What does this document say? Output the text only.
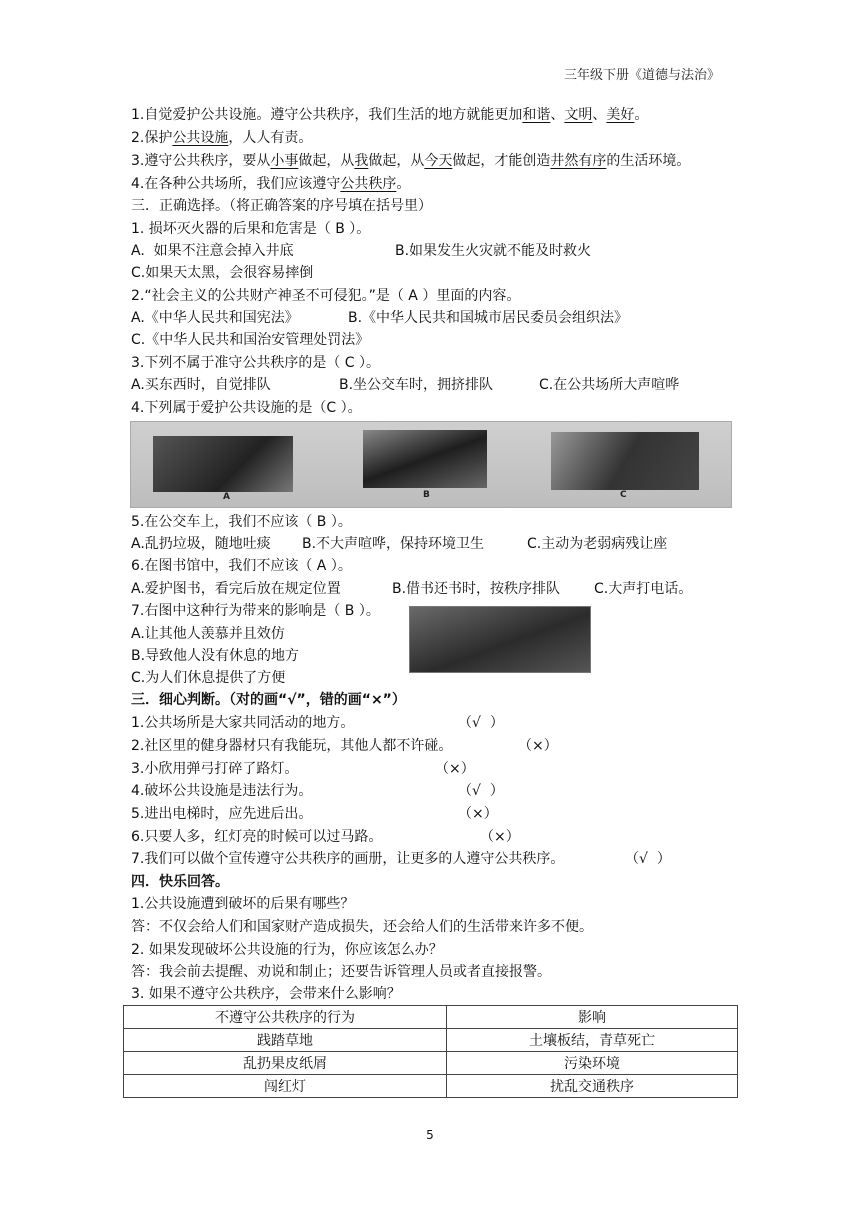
三年级下册《道德与法治》
1.自觉爱护公共设施。遵守公共秩序，我们生活的地方就能更加和谐、文明、美好。
2.保护公共设施，人人有责。
3.遵守公共秩序，要从小事做起，从我做起，从今天做起，才能创造井然有序的生活环境。
4.在各种公共场所，我们应该遵守公共秩序。
三．正确选择。（将正确答案的序号填在括号里）
1. 损坏灭火器的后果和危害是（ B ）。
A.  如果不注意会掉入井底	B.如果发生火灾就不能及时救火
C.如果天太黑，会很容易摔倒
2.“社会主义的公共财产神圣不可侵犯。”是（ A ）里面的内容。
A.《中华人民共和国宪法》	B.《中华人民共和国城市居民委员会组织法》
C.《中华人民共和国治安管理处罚法》
3.下列不属于准守公共秩序的是（ C ）。
A.买东西时，自觉排队	B.坐公交车时，拥挤排队	C.在公共场所大声喧哗
4.下列属于爱护公共设施的是（C ）。
A	B	C
5.在公交车上，我们不应该（ B ）。
A.乱扔垃圾，随地吐痰 B.不大声喧哗，保持环境卫生	C.主动为老弱病残让座
6.在图书馆中，我们不应该（ A ）。
A.爱护图书，看完后放在规定位置	B.借书还书时，按秩序排队 C.大声打电话。
7.右图中这种行为带来的影响是（ B ）。
A.让其他人羡慕并且效仿
B.导致他人没有休息的地方
C.为人们休息提供了方便
三．细心判断。（对的画“√”，错的画“×”）
1.公共场所是大家共同活动的地方。	（√  ）
2.社区里的健身器材只有我能玩，其他人都不许碰。	（×）
3.小欣用弹弓打碎了路灯。	（×）
4.破坏公共设施是违法行为。	（√  ）
5.进出电梯时，应先进后出。	（×）
6.只要人多，红灯亮的时候可以过马路。	（×）
7.我们可以做个宣传遵守公共秩序的画册，让更多的人遵守公共秩序。	（√  ）
四．快乐回答。
1.公共设施遭到破坏的后果有哪些？
答：不仅会给人们和国家财产造成损失，还会给人们的生活带来许多不便。
2. 如果发现破坏公共设施的行为，你应该怎么办？
答：我会前去提醒、劝说和制止；还要告诉管理人员或者直接报警。
3. 如果不遵守公共秩序，会带来什么影响？
不遵守公共秩序的行为	影响
践踏草地	土壤板结，青草死亡
乱扔果皮纸屑	污染环境
闯红灯	扰乱交通秩序
5
